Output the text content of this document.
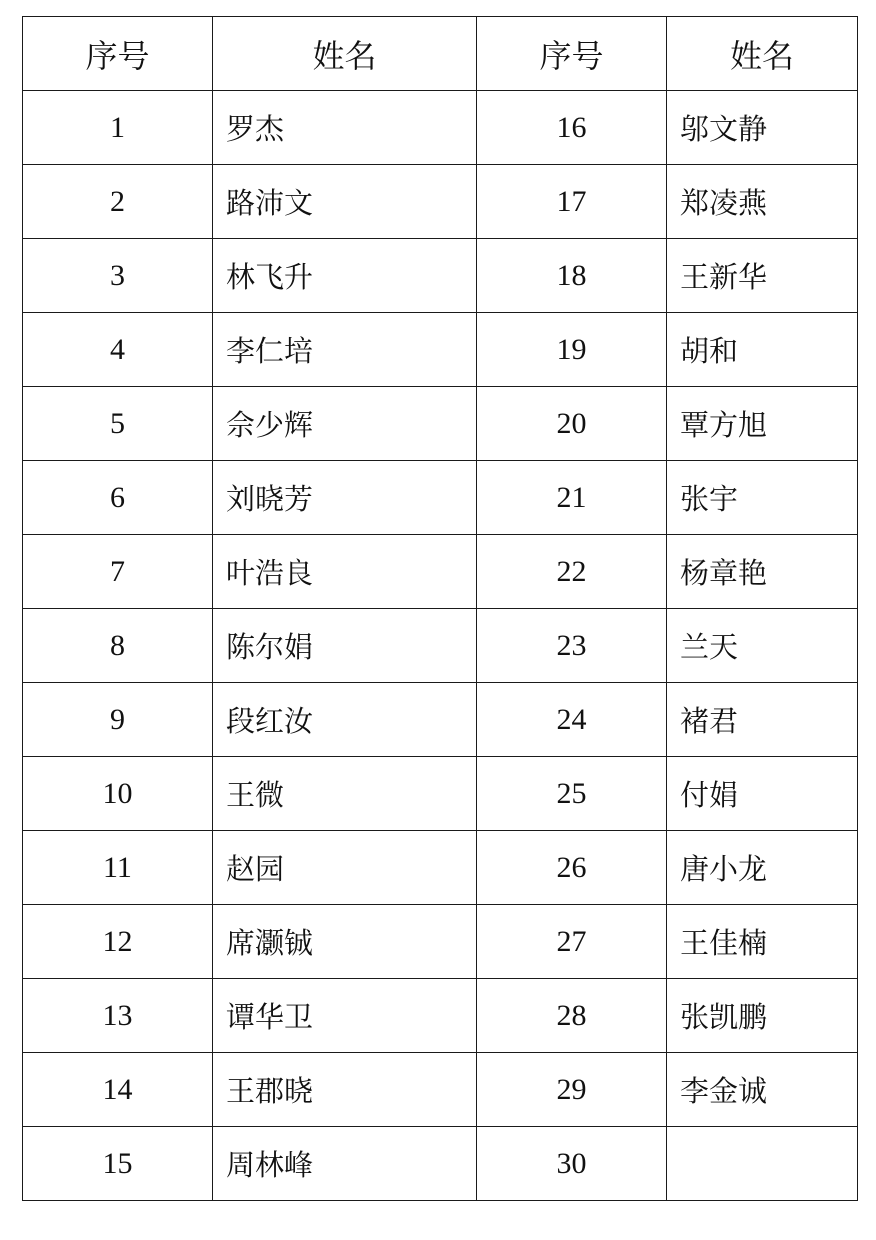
序号	姓名	序号	姓名
1	罗杰	16	邬文静
2	路沛文	17	郑凌燕
3	林飞升	18	王新华
4	李仁培	19	胡和
5	佘少辉	20	覃方旭
6	刘晓芳	21	张宇
7	叶浩良	22	杨章艳
8	陈尔娟	23	兰天
9	段红汝	24	褚君
10	王微	25	付娟
11	赵园	26	唐小龙
12	席灏铖	27	王佳楠
13	谭华卫	28	张凯鹏
14	王郡晓	29	李金诚
15	周林峰	30	
